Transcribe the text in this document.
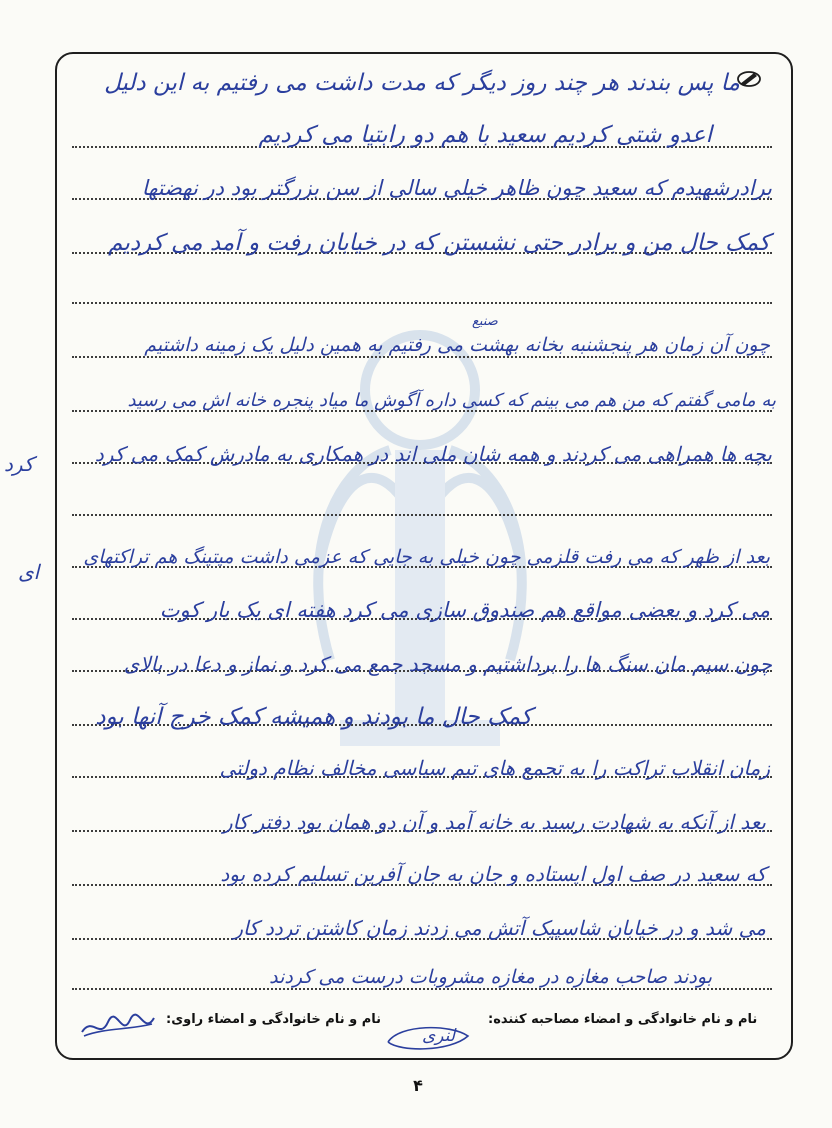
ما پس بندند هر چند روز دیگر که مدت داشت می رفتیم به این دلیل
اعدو شتی کردیم سعید با هم دو رابتیا می کردیم
برادرشهیدم که سعید چون ظاهر خیلی سالی از سن بزرگتر بود در نهضتها
کمک حال من و برادر حتی نشستن که در خیابان رفت و آمد می کردیم
چون آن زمان هر پنجشنبه بخانه بهشت می رفتیم به همین دلیل یک زمینه داشتیم
به مامی گفتم که من هم می بینم که کسی داره آگوش ما میاد پنجره خانه اش می رسید
بچه ها همراهی می کردند و همه شان ملی اند در همکاری به مادرش کمک می کرد
بعد از ظهر که می رفت قلزمی چون خیلی به جایی که عزمی داشت میتینگ هم تراکتهای
می کرد و بعضی مواقع هم صندوق سازی می کرد هفته ای یک بار کوت
چون سیم مان سنگ ها را برداشتیم و مسجد جمع می کرد و نماز و دعا در بالای
کمک حال ما بودند و همیشه کمک خرج آنها بود
زمان انقلاب تراکت را به تجمع های تیم سیاسی مخالف نظام دولتی
بعد از آنکه به شهادت رسید به خانه آمد و آن دو همان بود دفتر کار
که سعید در صف اول ایستاده و جان به جان آفرین تسلیم کرده بود
می شد و در خیابان شاسپیک آتش می زدند زمان کاشتن تردد کار
بودند صاحب مغازه در مغازه مشروبات درست می کردند
صنیع
کرد
ای
نام و نام خانوادگی و امضاء راوی:	نام و نام خانوادگی و امضاء مصاحبه کننده:
لنری
۴
